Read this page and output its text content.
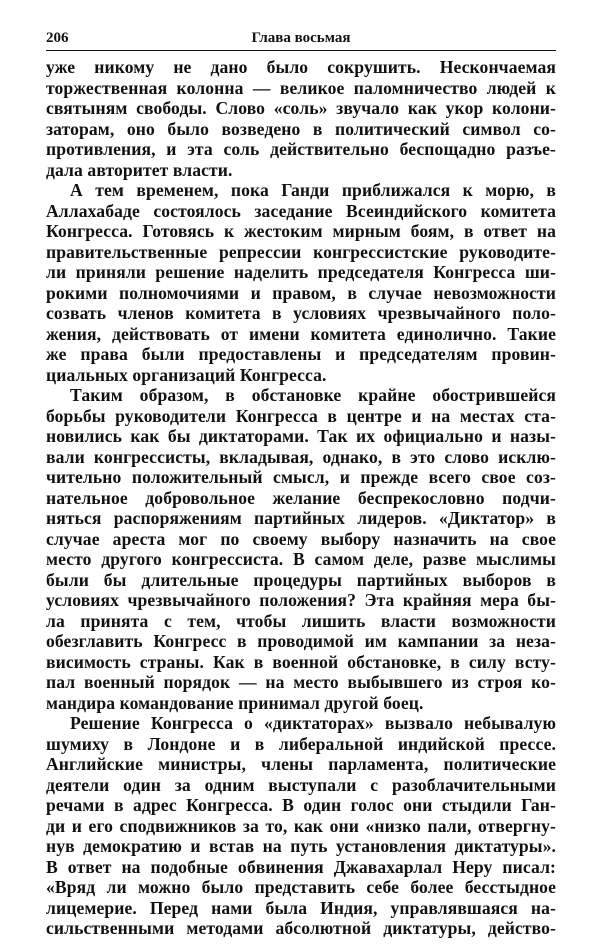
206	Глава восьмая
уже никому не дано было сокрушить. Нескончаемая
торжественная колонна — великое паломничество людей к
святыням свободы. Слово «соль» звучало как укор колони-
заторам, оно было возведено в политический символ со-
противления, и эта соль действительно беспощадно разъе-
дала авторитет власти.
А тем временем, пока Ганди приближался к морю, в
Аллахабаде состоялось заседание Всеиндийского комитета
Конгресса. Готовясь к жестоким мирным боям, в ответ на
правительственные репрессии конгрессистские руководите-
ли приняли решение наделить председателя Конгресса ши-
рокими полномочиями и правом, в случае невозможности
созвать членов комитета в условиях чрезвычайного поло-
жения, действовать от имени комитета единолично. Такие
же права были предоставлены и председателям провин-
циальных организаций Конгресса.
Таким образом, в обстановке крайне обострившейся
борьбы руководители Конгресса в центре и на местах ста-
новились как бы диктаторами. Так их официально и назы-
вали конгрессисты, вкладывая, однако, в это слово исклю-
чительно положительный смысл, и прежде всего свое соз-
нательное добровольное желание беспрекословно подчи-
няться распоряжениям партийных лидеров. «Диктатор» в
случае ареста мог по своему выбору назначить на свое
место другого конгрессиста. В самом деле, разве мыслимы
были бы длительные процедуры партийных выборов в
условиях чрезвычайного положения? Эта крайняя мера бы-
ла принята с тем, чтобы лишить власти возможности
обезглавить Конгресс в проводимой им кампании за неза-
висимость страны. Как в военной обстановке, в силу всту-
пал военный порядок — на место выбывшего из строя ко-
мандира командование принимал другой боец.
Решение Конгресса о «диктаторах» вызвало небывалую
шумиху в Лондоне и в либеральной индийской прессе.
Английские министры, члены парламента, политические
деятели один за одним выступали с разоблачительными
речами в адрес Конгресса. В один голос они стыдили Ган-
ди и его сподвижников за то, как они «низко пали, отвергну-
нув демократию и встав на путь установления диктатуры».
В ответ на подобные обвинения Джавахарлал Неру писал:
«Вряд ли можно было представить себе более бесстыдное
лицемерие. Перед нами была Индия, управлявшаяся на-
сильственными методами абсолютной диктатуры, действо-
